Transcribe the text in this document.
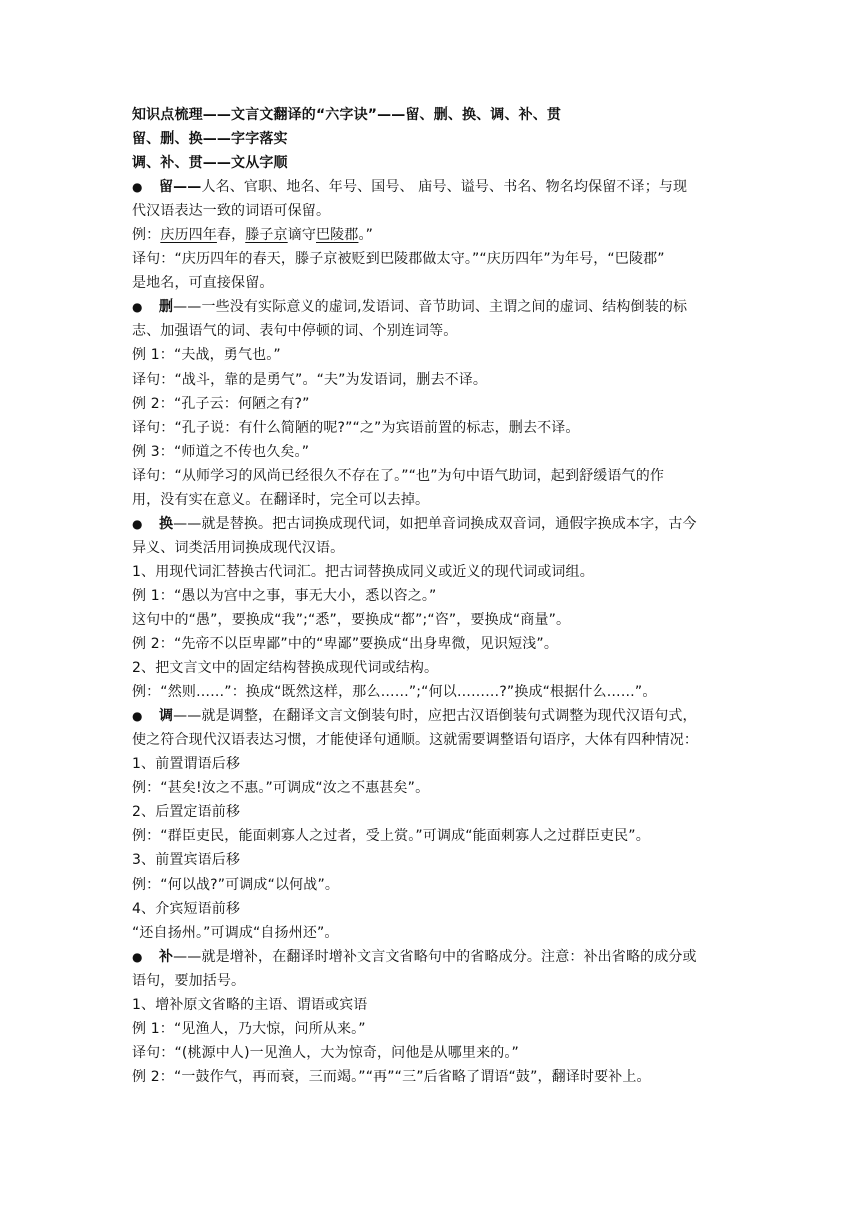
知识点梳理——文言文翻译的“六字诀”——留、删、换、调、补、贯
留、删、换——字字落实
调、补、贯——文从字顺
● 留——人名、官职、地名、年号、国号、 庙号、谥号、书名、物名均保留不译；与现
代汉语表达一致的词语可保留。
例：庆历四年春，滕子京谪守巴陵郡。”
译句：“庆历四年的春天，滕子京被贬到巴陵郡做太守。”“庆历四年”为年号，“巴陵郡”
是地名，可直接保留。
● 删——一些没有实际意义的虚词,发语词、音节助词、主谓之间的虚词、结构倒装的标
志、加强语气的词、表句中停顿的词、个别连词等。
例 1：“夫战，勇气也。”
译句：“战斗，靠的是勇气”。“夫”为发语词，删去不译。
例 2：“孔子云：何陋之有?”
译句：“孔子说：有什么简陋的呢?”“之”为宾语前置的标志，删去不译。
例 3：“师道之不传也久矣。”
译句：“从师学习的风尚已经很久不存在了。”“也”为句中语气助词，起到舒缓语气的作
用，没有实在意义。在翻译时，完全可以去掉。
● 换——就是替换。把古词换成现代词，如把单音词换成双音词，通假字换成本字，古今
异义、词类活用词换成现代汉语。
1、用现代词汇替换古代词汇。把古词替换成同义或近义的现代词或词组。
例 1：“愚以为宫中之事，事无大小，悉以咨之。”
这句中的“愚”，要换成“我”;“悉”，要换成“都”;“咨”，要换成“商量”。
例 2：“先帝不以臣卑鄙”中的“卑鄙”要换成“出身卑微，见识短浅”。
2、把文言文中的固定结构替换成现代词或结构。
例：“然则……”：换成“既然这样，那么……”;“何以………?”换成“根据什么……”。
● 调——就是调整，在翻译文言文倒装句时，应把古汉语倒装句式调整为现代汉语句式，
使之符合现代汉语表达习惯，才能使译句通顺。这就需要调整语句语序，大体有四种情况：
1、前置谓语后移
例：“甚矣!汝之不惠。”可调成“汝之不惠甚矣”。
2、后置定语前移
例：“群臣吏民，能面刺寡人之过者，受上赏。”可调成“能面刺寡人之过群臣吏民”。
3、前置宾语后移
例：“何以战?”可调成“以何战”。
4、介宾短语前移
“还自扬州。”可调成“自扬州还”。
● 补——就是增补，在翻译时增补文言文省略句中的省略成分。注意：补出省略的成分或
语句，要加括号。
1、增补原文省略的主语、谓语或宾语
例 1：“见渔人，乃大惊，问所从来。”
译句：“(桃源中人)一见渔人，大为惊奇，问他是从哪里来的。”
例 2：“一鼓作气，再而衰，三而竭。”“再”“三”后省略了谓语“鼓”，翻译时要补上。
